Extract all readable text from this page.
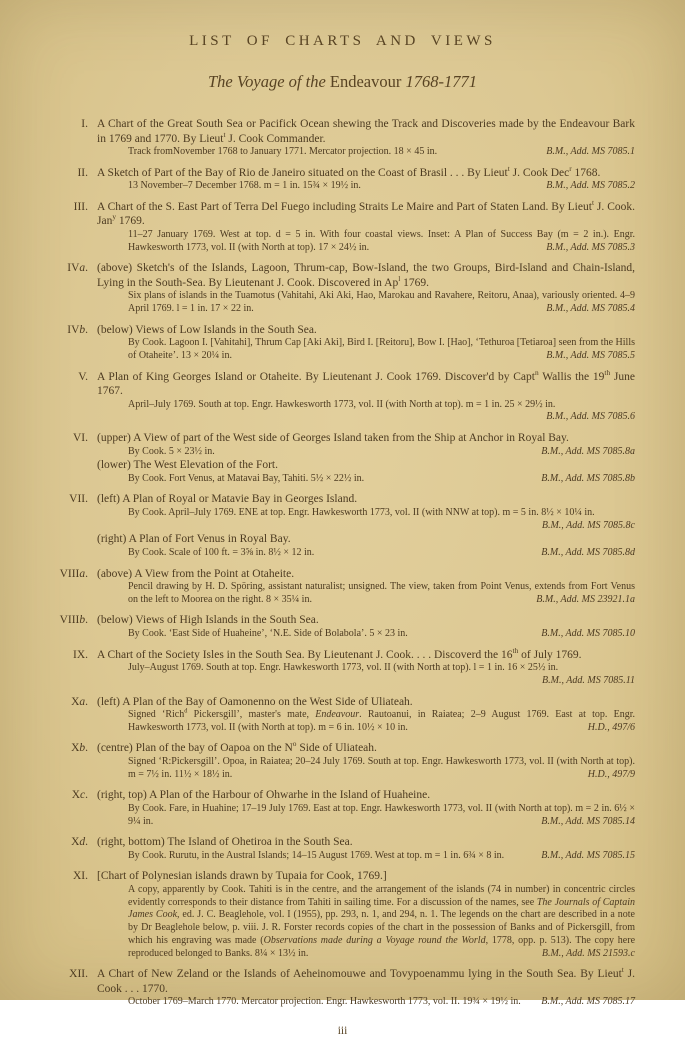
LIST OF CHARTS AND VIEWS
The Voyage of the Endeavour 1768-1771
I. A Chart of the Great South Sea or Pacifick Ocean shewing the Track and Discoveries made by the Endeavour Bark in 1769 and 1770. By Lieut$^t$ J. Cook Commander.
Track fromNovember 1768 to January 1771. Mercator projection. 18 × 45 in.	B.M., Add. MS 7085.1
II. A Sketch of Part of the Bay of Rio de Janeiro situated on the Coast of Brasil . . . By Lieut$^t$ J. Cook Dec$^r$ 1768.
13 November–7 December 1768. m = 1 in. 15¾ × 19½ in.	B.M., Add. MS 7085.2
III. A Chart of the S. East Part of Terra Del Fuego including Straits Le Maire and Part of Staten Land. By Lieut$^t$ J. Cook. Jan$^y$ 1769.
11–27 January 1769. West at top. d = 5 in. With four coastal views. Inset: A Plan of Success Bay (m = 2 in.). Engr. Hawkesworth 1773, vol. II (with North at top). 17 × 24½ in.	B.M., Add. MS 7085.3
IVa. (above) Sketch's of the Islands, Lagoon, Thrum-cap, Bow-Island, the two Groups, Bird-Island and Chain-Island, Lying in the South-Sea. By Lieutenant J. Cook. Discovered in Ap$^l$ 1769.
Six plans of islands in the Tuamotus (Vahitahi, Aki Aki, Hao, Marokau and Ravahere, Reitoru, Anaa), variously oriented. 4–9 April 1769. l = 1 in. 17 × 22 in.	B.M., Add. MS 7085.4
IVb. (below) Views of Low Islands in the South Sea.
By Cook. Lagoon I. [Vahitahi], Thrum Cap [Aki Aki], Bird I. [Reitoru], Bow I. [Hao], ‘Tethuroa [Tetiaroa] seen from the Hills of Otaheite’. 13 × 20¼ in.	B.M., Add. MS 7085.5
V. A Plan of King Georges Island or Otaheite. By Lieutenant J. Cook 1769. Discover'd by Capt$^n$ Wallis the 19th June 1767.
April–July 1769. South at top. Engr. Hawkesworth 1773, vol. II (with North at top). m = 1 in. 25 × 29½ in.
B.M., Add. MS 7085.6
VI. (upper) A View of part of the West side of Georges Island taken from the Ship at Anchor in Royal Bay.
By Cook. 5 × 23½ in.	B.M., Add. MS 7085.8a
(lower) The West Elevation of the Fort.
By Cook. Fort Venus, at Matavai Bay, Tahiti. 5½ × 22½ in.	B.M., Add. MS 7085.8b
VII. (left) A Plan of Royal or Matavie Bay in Georges Island.
By Cook. April–July 1769. ENE at top. Engr. Hawkesworth 1773, vol. II (with NNW at top). m = 5 in. 8½ × 10¼ in.
B.M., Add. MS 7085.8c
(right) A Plan of Fort Venus in Royal Bay.
By Cook. Scale of 100 ft. = 3⅝ in. 8½ × 12 in.	B.M., Add. MS 7085.8d
VIIIa. (above) A View from the Point at Otaheite.
Pencil drawing by H. D. Spöring, assistant naturalist; unsigned. The view, taken from Point Venus, extends from Fort Venus on the left to Moorea on the right. 8 × 35¼ in.	B.M., Add. MS 23921.1a
VIIIb. (below) Views of High Islands in the South Sea.
By Cook. ‘East Side of Huaheine’, ‘N.E. Side of Bolabola’. 5 × 23 in.	B.M., Add. MS 7085.10
IX. A Chart of the Society Isles in the South Sea. By Lieutenant J. Cook. . . . Discoverd the 16th of July 1769.
July–August 1769. South at top. Engr. Hawkesworth 1773, vol. II (with North at top). l = 1 in. 16 × 25½ in.
B.M., Add. MS 7085.11
Xa. (left) A Plan of the Bay of Oamonenno on the West Side of Uliateah.
Signed ‘Rich$^d$ Pickersgill’, master's mate, Endeavour. Rautoanui, in Raiatea; 2–9 August 1769. East at top. Engr. Hawkesworth 1773, vol. II (with North at top). m = 6 in. 10½ × 10 in.	H.D., 497/6
Xb. (centre) Plan of the bay of Oapoa on the $N^o$ Side of Uliateah.
Signed ‘R:Pickersgill’. Opoa, in Raiatea; 20–24 July 1769. South at top. Engr. Hawkesworth 1773, vol. II (with North at top). m = 7½ in. 11½ × 18½ in.	H.D., 497/9
Xc. (right, top) A Plan of the Harbour of Ohwarhe in the Island of Huaheine.
By Cook. Fare, in Huahine; 17–19 July 1769. East at top. Engr. Hawkesworth 1773, vol. II (with North at top). m = 2 in. 6½ × 9¼ in.	B.M., Add. MS 7085.14
Xd. (right, bottom) The Island of Ohetiroa in the South Sea.
By Cook. Rurutu, in the Austral Islands; 14–15 August 1769. West at top. m = 1 in. 6¾ × 8 in.	B.M., Add. MS 7085.15
XI. [Chart of Polynesian islands drawn by Tupaia for Cook, 1769.]
A copy, apparently by Cook. Tahiti is in the centre, and the arrangement of the islands (74 in number) in concentric circles evidently corresponds to their distance from Tahiti in sailing time. For a discussion of the names, see The Journals of Captain James Cook, ed. J. C. Beaglehole, vol. I (1955), pp. 293, n. 1, and 294, n. 1. The legends on the chart are described in a note by Dr Beaglehole below, p. viii. J. R. Forster records copies of the chart in the possession of Banks and of Pickersgill, from which his engraving was made (Observations made during a Voyage round the World, 1778, opp. p. 513). The copy here reproduced belonged to Banks. 8¼ × 13½ in.	B.M., Add. MS 21593.c
XII. A Chart of New Zeland or the Islands of Aeheinomouwe and Tovypoenammu lying in the South Sea. By Lieut$^t$ J. Cook . . . 1770.
October 1769–March 1770. Mercator projection. Engr. Hawkesworth 1773, vol. II. 19¾ × 19½ in. B.M., Add. MS 7085.17
iii
